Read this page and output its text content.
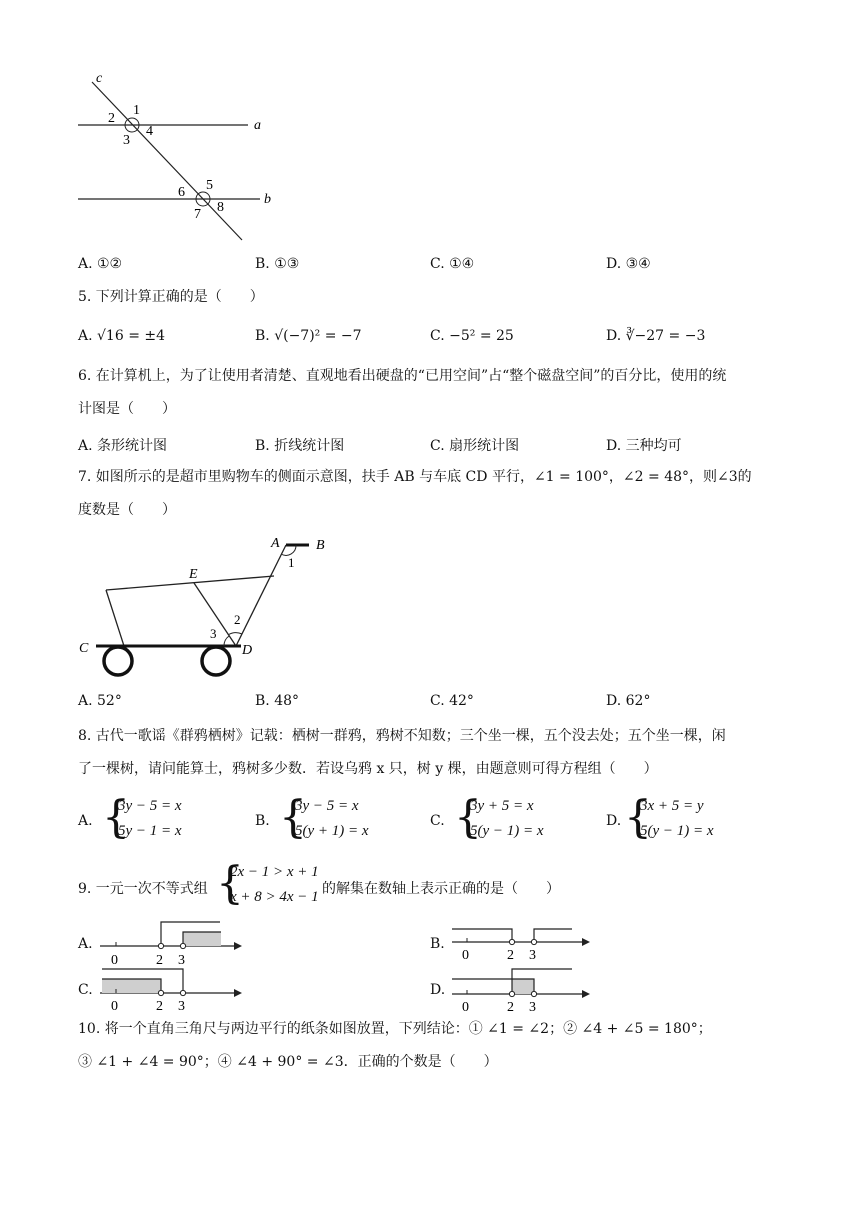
c
a
b
1
2
3
4
5
6
7 8
A. ①②	B. ①③	C. ①④	D. ③④
5. 下列计算正确的是（　　）
A. √16 = ±4	B. √(−7)² = −7	C. −5² = 25	D. ∛−27 = −3
6. 在计算机上，为了让使用者清楚、直观地看出硬盘的“已用空间”占“整个磁盘空间”的百分比，使用的统
计图是（　　）
A. 条形统计图	B. 折线统计图	C. 扇形统计图	D. 三种均可
7. 如图所示的是超市里购物车的侧面示意图，扶手 AB 与车底 CD 平行，∠1 = 100°，∠2 = 48°，则∠3的
度数是（　　）
A	B
1
E
2
3
C	D
A. 52°	B. 48°	C. 42°	D. 62°
8. 古代一歌谣《群鸦栖树》记载：栖树一群鸦，鸦树不知数；三个坐一棵，五个没去处；五个坐一棵，闲
了一棵树，请问能算士，鸦树多少数．若设乌鸦 x 只，树 y 棵，由题意则可得方程组（　　）
A. {
3y − 5 = x
5y − 1 = x
B. {
3y − 5 = x
5(y + 1) = x
C. {
3y + 5 = x
5(y − 1) = x
D. {
3x + 5 = y
5(y − 1) = x
9. 一元一次不等式组 {
2x − 1 > x + 1
x + 8 > 4x − 1 的解集在数轴上表示正确的是（　　）
A.
0	2 3
B.
0	2 3
C.
0	2 3
D.
0	2 3
10. 将一个直角三角尺与两边平行的纸条如图放置，下列结论：① ∠1 = ∠2；② ∠4 + ∠5 = 180°；
③ ∠1 + ∠4 = 90°；④ ∠4 + 90° = ∠3．正确的个数是（　　）
